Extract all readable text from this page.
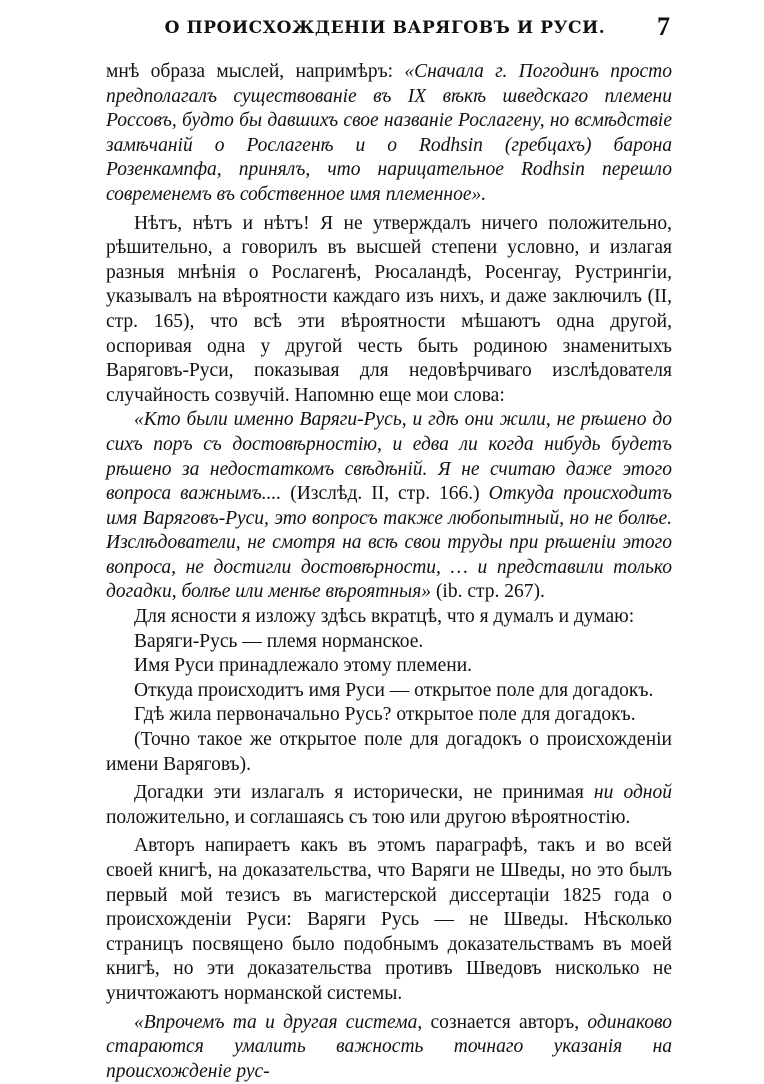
О ПРОИСХОЖДЕНІИ ВАРЯГОВЪ И РУСИ.	7

мнѣ образа мыслей, напримѣръ: «Сначала г. Погодинъ просто предполагалъ существованіе въ IX вѣкѣ шведскаго племени Россовъ, будто бы давшихъ свое названіе Рослагену, но всмѣдствіе замѣчаній о Рослагенѣ и о Rodhsin (гребцахъ) барона Розенкампфа, принялъ, что нарицательное Rodhsin перешло современемъ въ собственное имя племенное».

Нѣтъ, нѣтъ и нѣтъ! Я не утверждалъ ничего положительно, рѣшительно, а говорилъ въ высшей степени условно, и излагая разныя мнѣнія о Рослагенѣ, Рюсаландѣ, Росенгау, Рустрингіи, указывалъ на вѣроятности каждаго изъ нихъ, и даже заключилъ (II, стр. 165), что всѣ эти вѣроятности мѣшаютъ одна другой, оспоривая одна у другой честь быть родиною знаменитыхъ Варяговъ-Руси, показывая для недовѣрчиваго изслѣдователя случайность созвучій. Напомню еще мои слова:

«Кто были именно Варяги-Русь, и гдѣ они жили, не рѣшено до сихъ поръ съ достовѣрностію, и едва ли когда нибудь будетъ рѣшено за недостаткомъ свѣдѣній. Я не считаю даже этого вопроса важнымъ.... (Изслѣд. II, стр. 166.) Откуда происходитъ имя Варяговъ-Руси, это вопросъ также любопытный, но не болѣе. Изслѣдователи, не смотря на всѣ свои труды при рѣшеніи этого вопроса, не достигли достовѣрности, … и представили только догадки, болѣе или менѣе вѣроятныя» (ib. стр. 267).

Для ясности я изложу здѣсь вкратцѣ, что я думалъ и думаю:

Варяги-Русь — племя норманское.

Имя Руси принадлежало этому племени.

Откуда происходитъ имя Руси — открытое поле для догадокъ.

Гдѣ жила первоначально Русь? открытое поле для догадокъ.

(Точно такое же открытое поле для догадокъ о происхожденіи имени Варяговъ).

Догадки эти излагалъ я исторически, не принимая ни одной положительно, и соглашаясь съ тою или другою вѣроятностію.

Авторъ напираетъ какъ въ этомъ параграфѣ, такъ и во всей своей книгѣ, на доказательства, что Варяги не Шведы, но это былъ первый мой тезисъ въ магистерской диссертаціи 1825 года о происхожденіи Руси: Варяги Русь — не Шведы. Нѣсколько страницъ посвящено было подобнымъ доказательствамъ въ моей книгѣ, но эти доказательства противъ Шведовъ нисколько не уничтожаютъ норманской системы.

«Впрочемъ та и другая система, сознается авторъ, одинаково стараются умалить важность точнаго указанія на происхожденіе рус-
